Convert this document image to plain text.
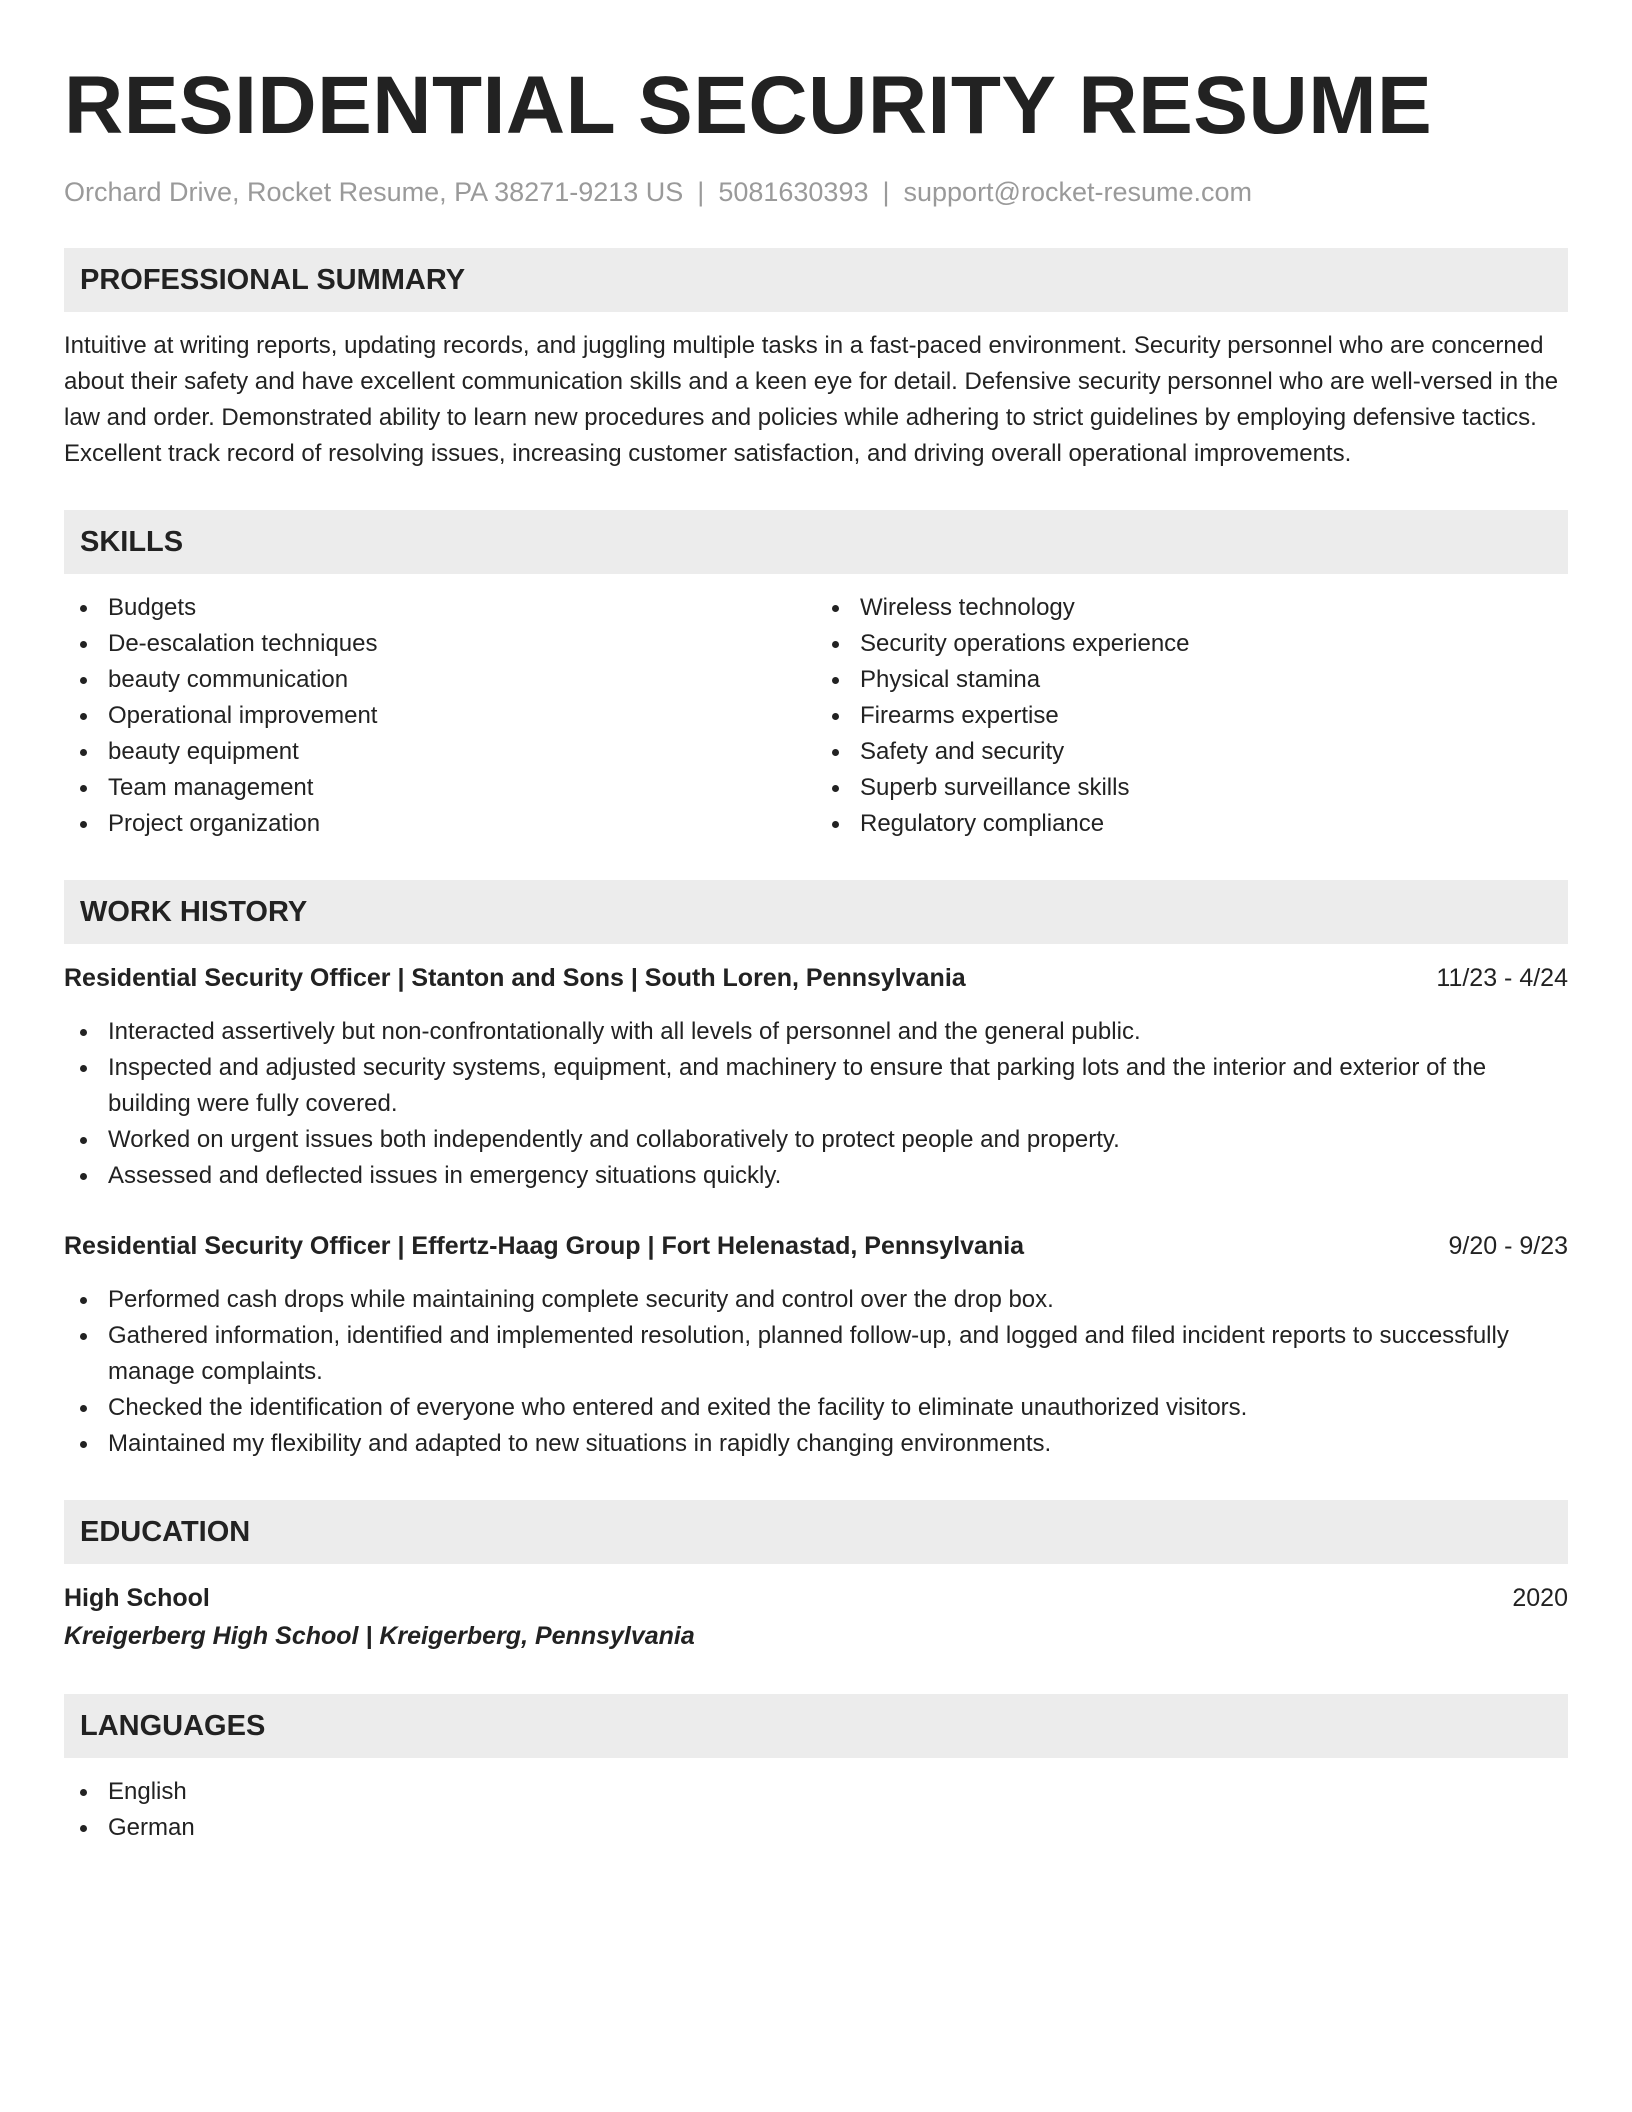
RESIDENTIAL SECURITY RESUME
Orchard Drive, Rocket Resume, PA 38271-9213 US | 5081630393 | support@rocket-resume.com
PROFESSIONAL SUMMARY

Intuitive at writing reports, updating records, and juggling multiple tasks in a fast-paced environment. Security personnel who are concerned about their safety and have excellent communication skills and a keen eye for detail. Defensive security personnel who are well-versed in the law and order. Demonstrated ability to learn new procedures and policies while adhering to strict guidelines by employing defensive tactics. Excellent track record of resolving issues, increasing customer satisfaction, and driving overall operational improvements.

SKILLS
Budgets
De-escalation techniques
beauty communication
Operational improvement
beauty equipment
Team management
Project organization
Wireless technology
Security operations experience
Physical stamina
Firearms expertise
Safety and security
Superb surveillance skills
Regulatory compliance
WORK HISTORY
Residential Security Officer | Stanton and Sons | South Loren, Pennsylvania	11/23 - 4/24
Interacted assertively but non-confrontationally with all levels of personnel and the general public.
Inspected and adjusted security systems, equipment, and machinery to ensure that parking lots and the interior and exterior of the building were fully covered.
Worked on urgent issues both independently and collaboratively to protect people and property.
Assessed and deflected issues in emergency situations quickly.
Residential Security Officer | Effertz-Haag Group | Fort Helenastad, Pennsylvania	9/20 - 9/23
Performed cash drops while maintaining complete security and control over the drop box.
Gathered information, identified and implemented resolution, planned follow-up, and logged and filed incident reports to successfully manage complaints.
Checked the identification of everyone who entered and exited the facility to eliminate unauthorized visitors.
Maintained my flexibility and adapted to new situations in rapidly changing environments.
EDUCATION
High School	2020
Kreigerberg High School | Kreigerberg, Pennsylvania
LANGUAGES
English
German
